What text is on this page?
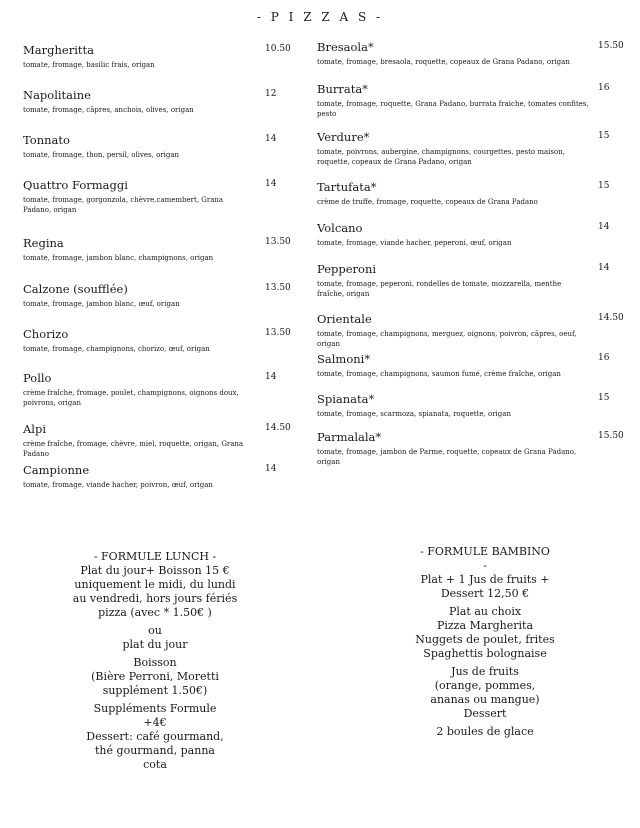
- P I Z Z A S -
Margheritta
tomate, fromage, basilic frais, origan
10.50
Napolitaine
tomate, fromage, câpres, anchois, olives, origan
12
Tonnato
tomate, fromage, thon, persil, olives, origan
14
Quattro Formaggi
tomate, fromage, gorgonzola, chèvre,camembert, Grana Padano, origan
14
Regina
tomate, fromage, jambon blanc, champignons, origan
13.50
Calzone (soufflée)
tomate, fromage, jambon blanc, œuf, origan
13.50
Chorizo
tomate, fromage, champignons, chorizo, œuf, origan
13.50
Pollo
crème fraîche, fromage, poulet, champignons, oignons doux, poivrons, origan
14
Alpi
crème fraîche, fromage, chèvre, miel, roquette, origan, Grana Padano
14.50
Campionne
tomate, fromage, viande hacher, poivron, œuf, origan
14
Bresaola*
tomate, fromage, bresaola, roquette, copeaux de Grana Padano, origan
15.50
Burrata*
tomate, fromage, roquette, Grana Padano, burrata fraiche, tomates confites, pesto
16
Verdure*
tomate, poivrons, aubergine, champignons, courgettes, pesto maison, roquette, copeaux de Grana Padano, origan
15
Tartufata*
crème de truffe, fromage, roquette, copeaux de Grana Padano
15
Volcano
tomate, fromage, viande hacher, peperoni, œuf, origan
14
Pepperoni
tomate, fromage, peperoni, rondelles de tomate, mozzarella, menthe fraîche, origan
14
Orientale
tomate, fromage, champignons, merguez, oignons, poivron, câpres, oeuf, origan
14.50
Salmoni*
tomate, fromage, champignons, saumon fumé, crème fraîche, origan
16
Spianata*
tomate, fromage, scarmoza, spianata, roquette, origan
15
Parmalala*
tomate, fromage, jambon de Parme, roquette, copeaux de Grana Padano, origan
15.50

- FORMULE LUNCH -
Plat du jour+ Boisson 15 €
uniquement le midi, du lundi
au vendredi, hors jours fériés
pizza (avec * 1.50€ )

ou
plat du jour

Boisson
(Bière Perroni, Moretti
supplément 1.50€)

Suppléments Formule
+4€
Dessert: café gourmand,
thé gourmand, panna
cota

- FORMULE BAMBINO
-
Plat + 1 Jus de fruits +
Dessert 12,50 €

Plat au choix
Pizza Margherita
Nuggets de poulet, frites
Spaghettis bolognaise

Jus de fruits
(orange, pommes,
ananas ou mangue)
Dessert

2 boules de glace
